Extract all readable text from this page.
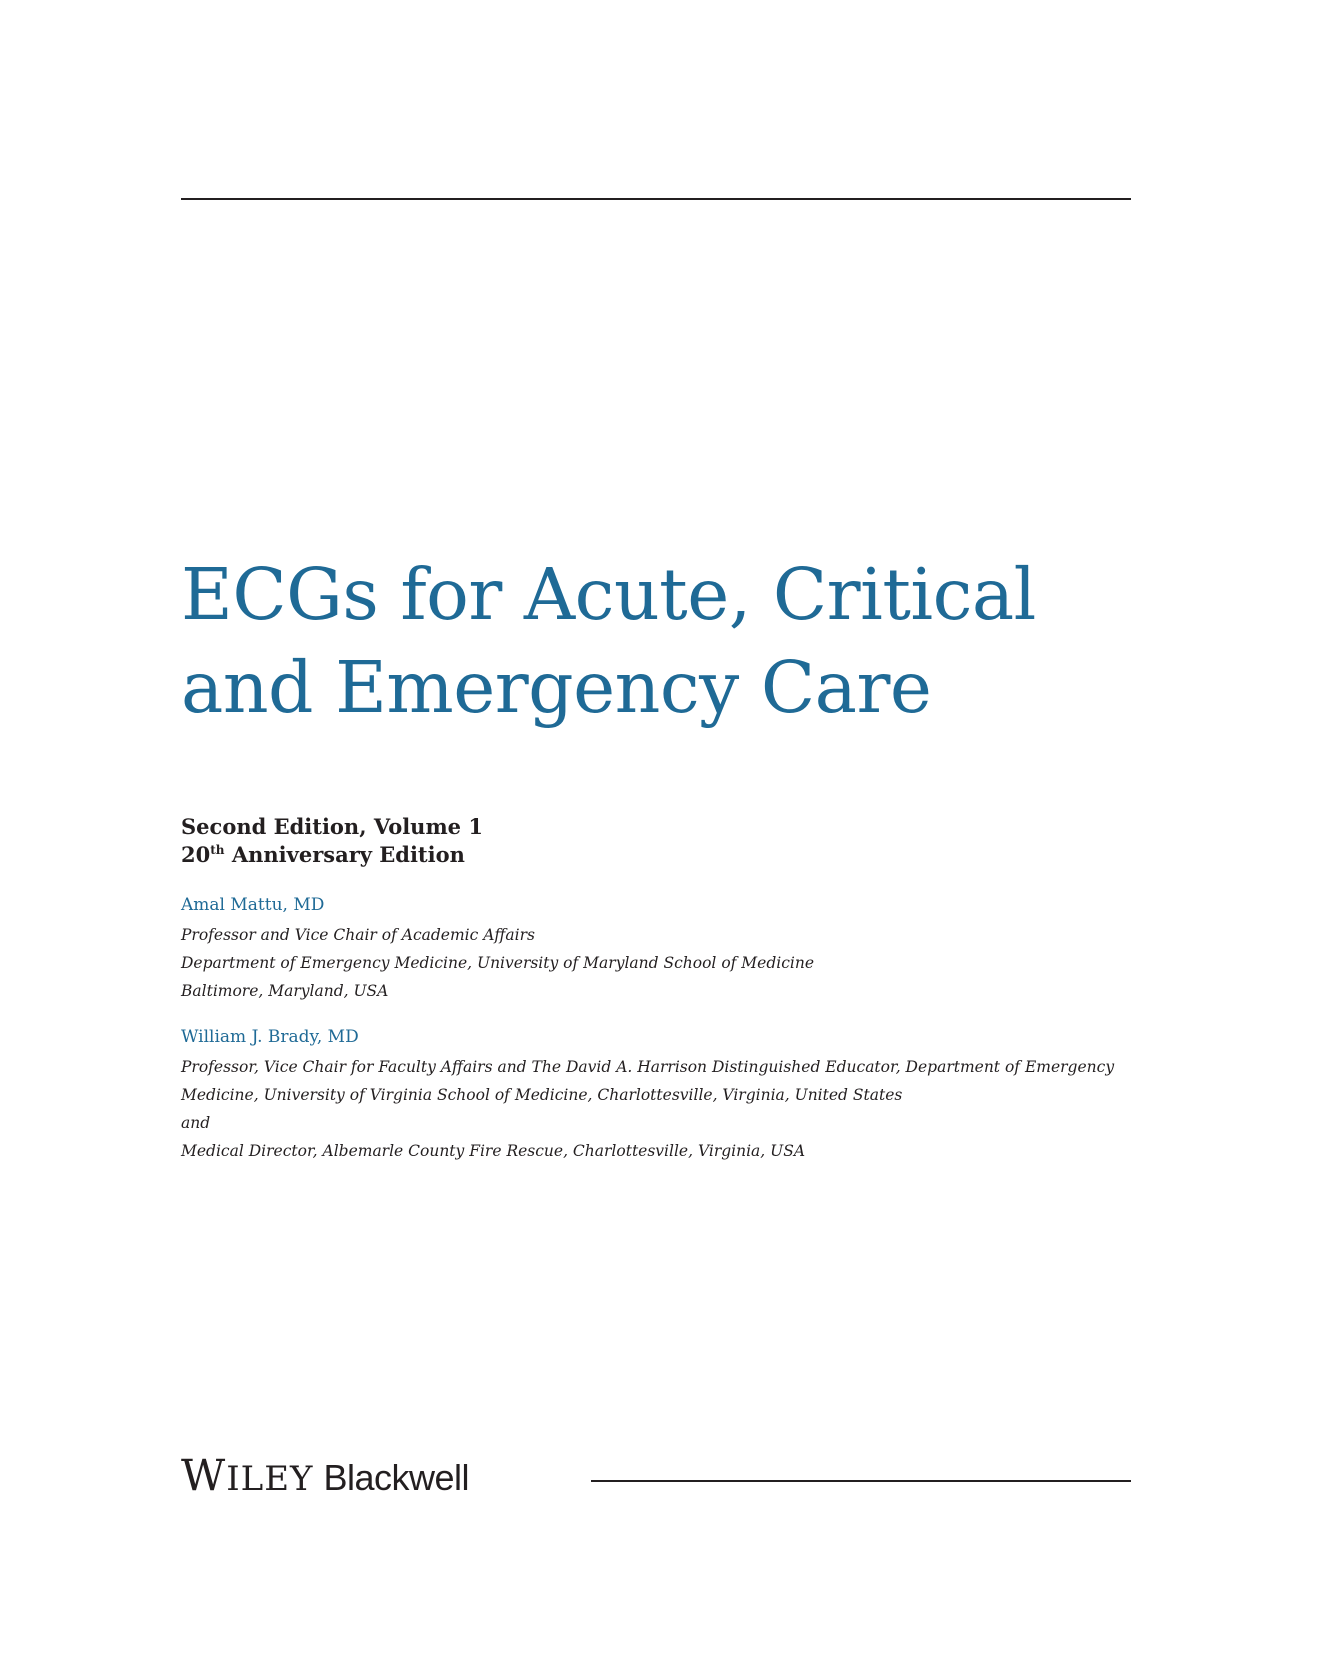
ECGs for Acute, Critical
and Emergency Care
Second Edition, Volume 1
20th Anniversary Edition
Amal Mattu, MD
Professor and Vice Chair of Academic Affairs
Department of Emergency Medicine, University of Maryland School of Medicine
Baltimore, Maryland, USA
William J. Brady, MD
Professor, Vice Chair for Faculty Affairs and The David A. Harrison Distinguished Educator, Department of Emergency
Medicine, University of Virginia School of Medicine, Charlottesville, Virginia, United States
and
Medical Director, Albemarle County Fire Rescue, Charlottesville, Virginia, USA
WILEY Blackwell
